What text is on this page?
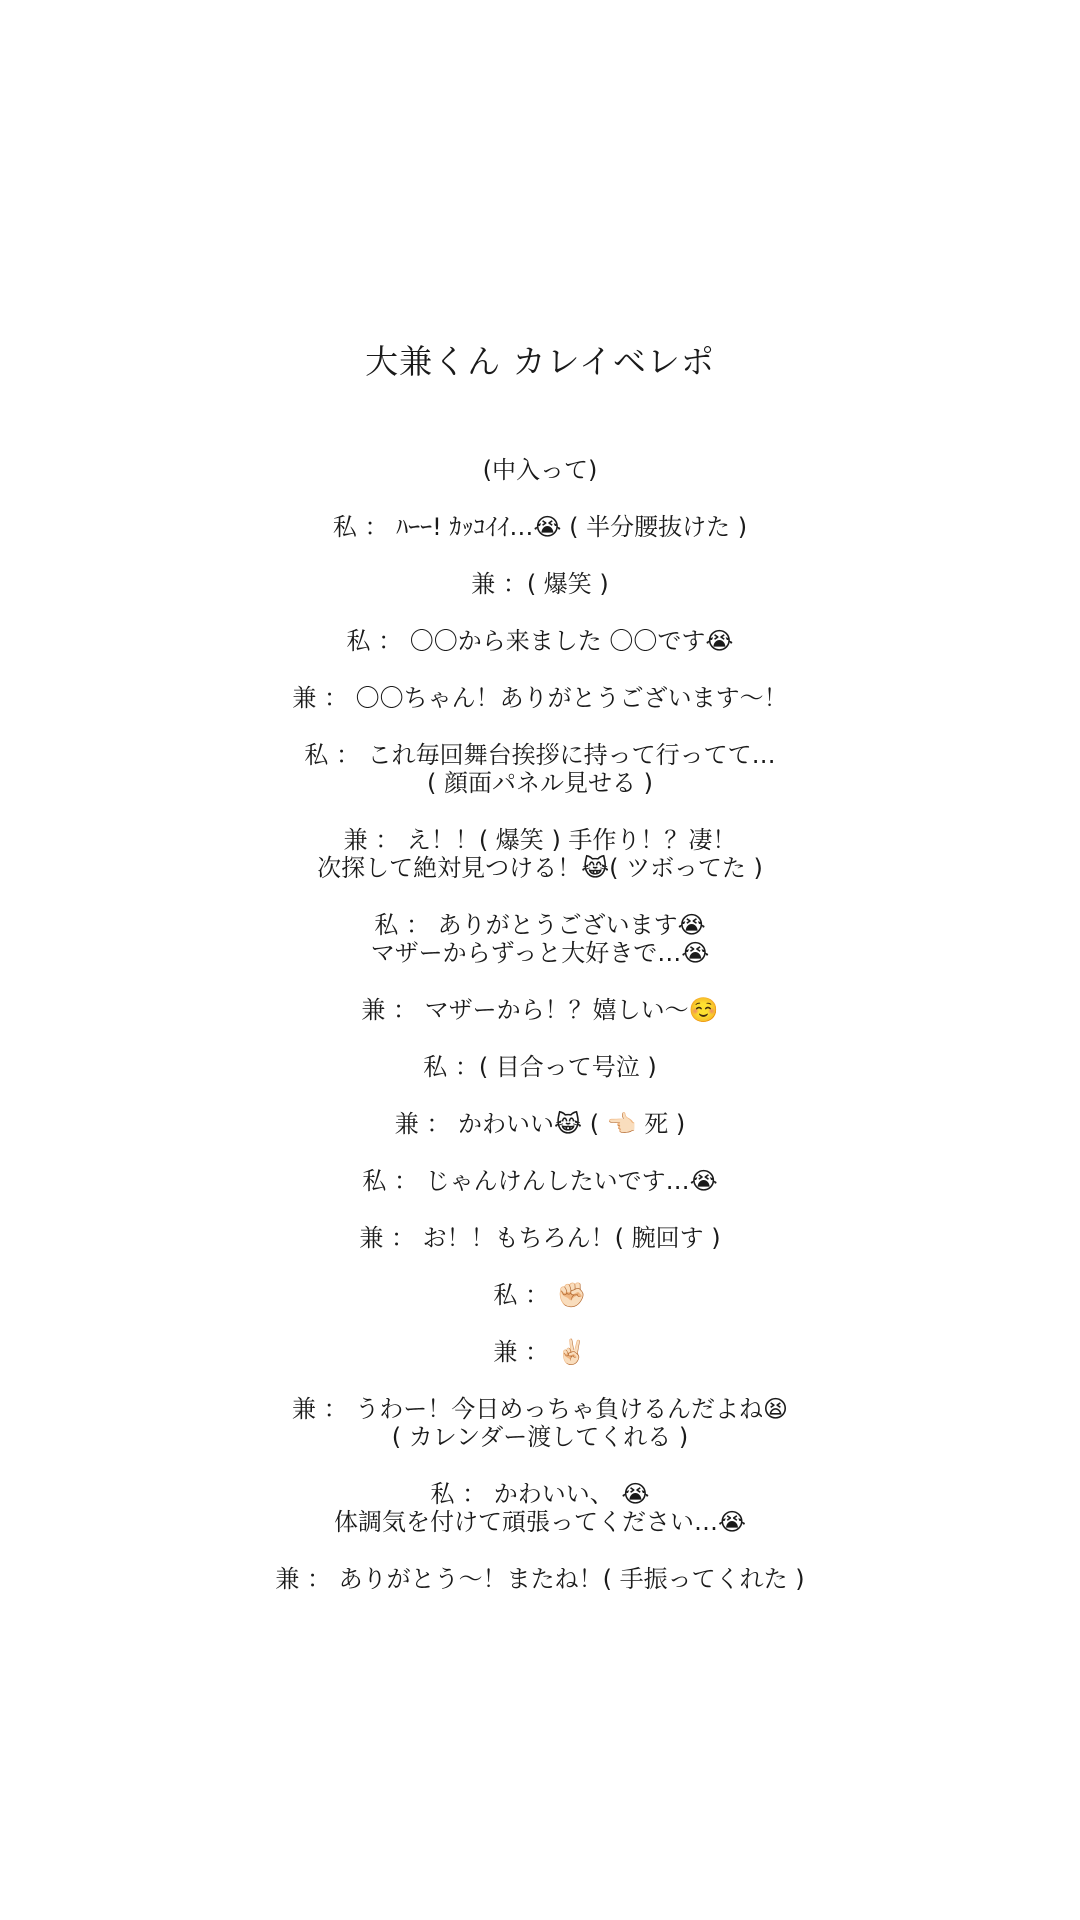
大兼くん カレイベレポ
(中入って)
私 ： ﾊｰｰ! ｶｯｺｲｲ…😭 ( 半分腰抜けた )
兼 ：( 爆笑 )
私 ： 〇〇から来ました 〇〇です😭
兼 ： 〇〇ちゃん！ありがとうございます〜！
私 ： これ毎回舞台挨拶に持って行ってて…
( 顔面パネル見せる )
兼 ： え！！( 爆笑 ) 手作り！？凄！
次探して絶対見つける！😹( ツボってた )
私 ： ありがとうございます😭
マザーからずっと大好きで…😭
兼 ： マザーから！？嬉しい〜☺️
私 ：( 目合って号泣 )
兼 ： かわいい😹 ( 👈🏻 死 )
私 ： じゃんけんしたいです…😭
兼 ： お！！もちろん！( 腕回す )
私 ： ✊🏻
兼 ： ✌🏻
兼 ： うわー！今日めっちゃ負けるんだよね😫
( カレンダー渡してくれる )
私 ： かわいい、 😭
体調気を付けて頑張ってください…😭
兼 ： ありがとう〜！またね！( 手振ってくれた )
